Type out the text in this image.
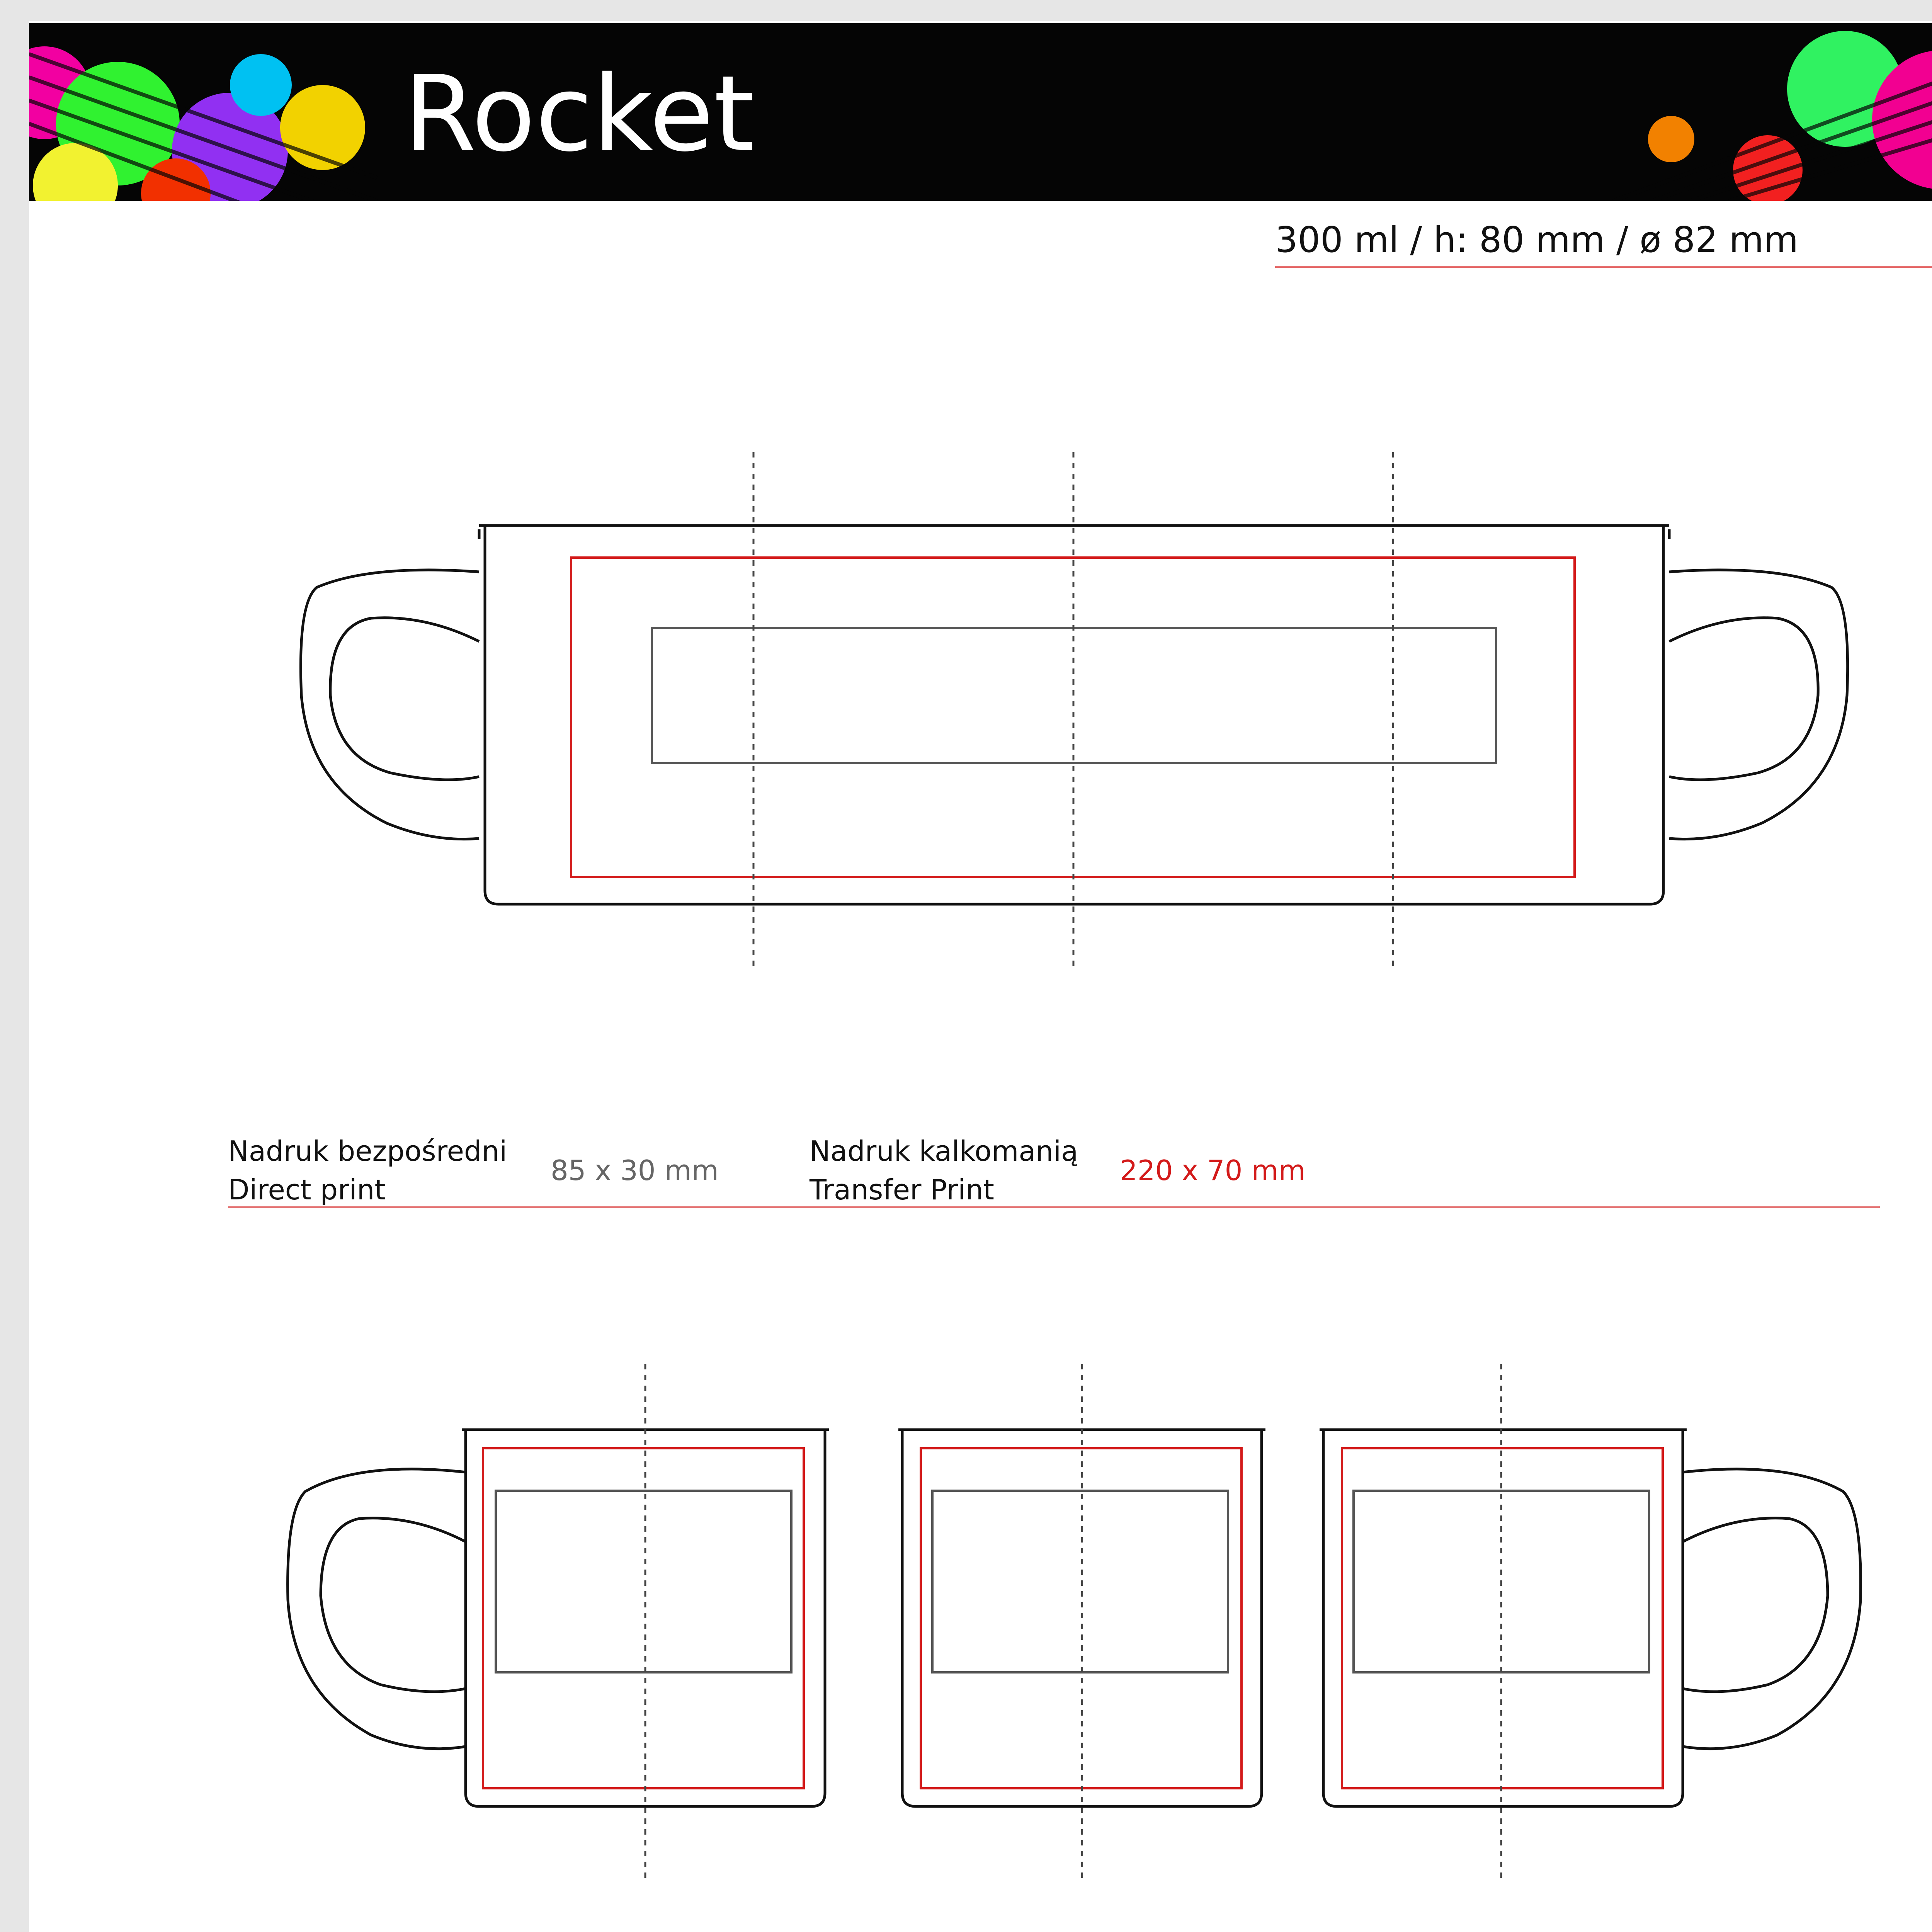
Rocket
300 ml / h: 80 mm / ø 82 mm
Nadruk bezpośredni
Direct print
85 x 30 mm
Nadruk kalkomanią
Transfer Print
220 x 70 mm
